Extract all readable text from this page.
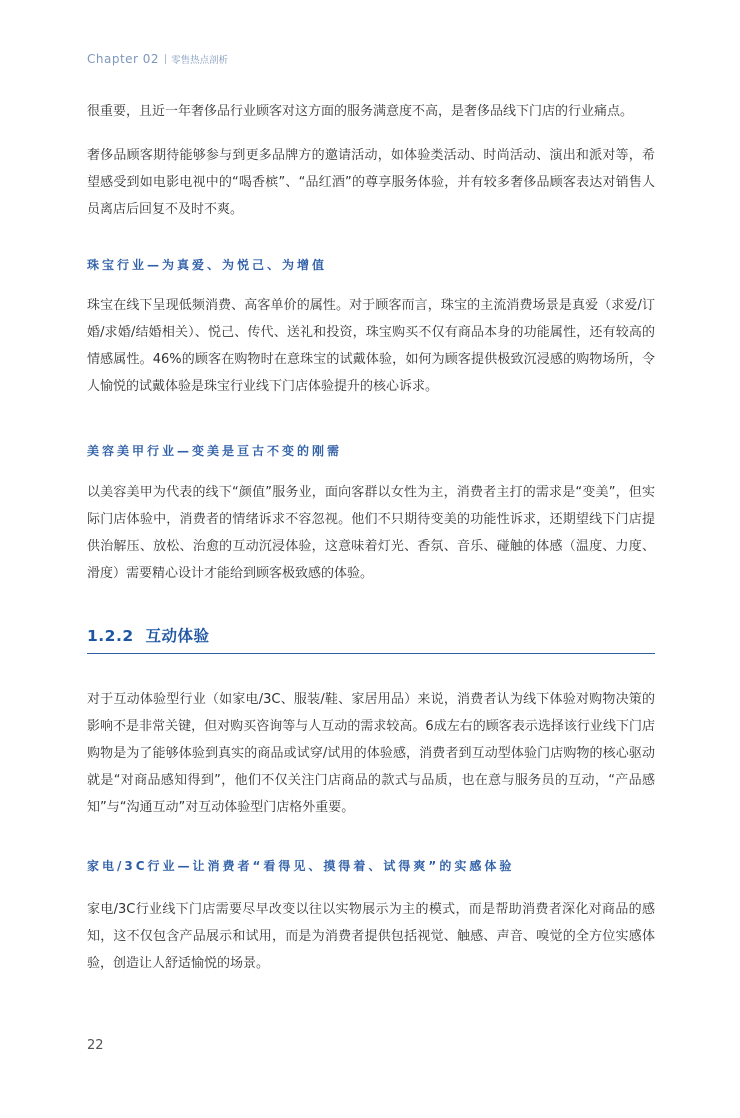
Chapter 02 零售热点剖析
很重要，且近一年奢侈品行业顾客对这方面的服务满意度不高，是奢侈品线下门店的行业痛点。
奢侈品顾客期待能够参与到更多品牌方的邀请活动，如体验类活动、时尚活动、演出和派对等，希望感受到如电影电视中的“喝香槟”、“品红酒”的尊享服务体验，并有较多奢侈品顾客表达对销售人员离店后回复不及时不爽。
珠宝行业—为真爱、为悦己、为增值
珠宝在线下呈现低频消费、高客单价的属性。对于顾客而言，珠宝的主流消费场景是真爱（求爱/订婚/求婚/结婚相关）、悦己、传代、送礼和投资，珠宝购买不仅有商品本身的功能属性，还有较高的情感属性。46%的顾客在购物时在意珠宝的试戴体验，如何为顾客提供极致沉浸感的购物场所，令人愉悦的试戴体验是珠宝行业线下门店体验提升的核心诉求。
美容美甲行业—变美是亘古不变的刚需
以美容美甲为代表的线下“颜值”服务业，面向客群以女性为主，消费者主打的需求是“变美”，但实际门店体验中，消费者的情绪诉求不容忽视。他们不只期待变美的功能性诉求，还期望线下门店提供治解压、放松、治愈的互动沉浸体验，这意味着灯光、香氛、音乐、碰触的体感（温度、力度、滑度）需要精心设计才能给到顾客极致感的体验。
1.2.2 互动体验
对于互动体验型行业（如家电/3C、服装/鞋、家居用品）来说，消费者认为线下体验对购物决策的影响不是非常关键，但对购买咨询等与人互动的需求较高。6成左右的顾客表示选择该行业线下门店购物是为了能够体验到真实的商品或试穿/试用的体验感，消费者到互动型体验门店购物的核心驱动就是“对商品感知得到”，他们不仅关注门店商品的款式与品质，也在意与服务员的互动，“产品感知”与“沟通互动”对互动体验型门店格外重要。
家电/3C行业—让消费者“看得见、摸得着、试得爽”的实感体验
家电/3C行业线下门店需要尽早改变以往以实物展示为主的模式，而是帮助消费者深化对商品的感知，这不仅包含产品展示和试用，而是为消费者提供包括视觉、触感、声音、嗅觉的全方位实感体验，创造让人舒适愉悦的场景。
22
